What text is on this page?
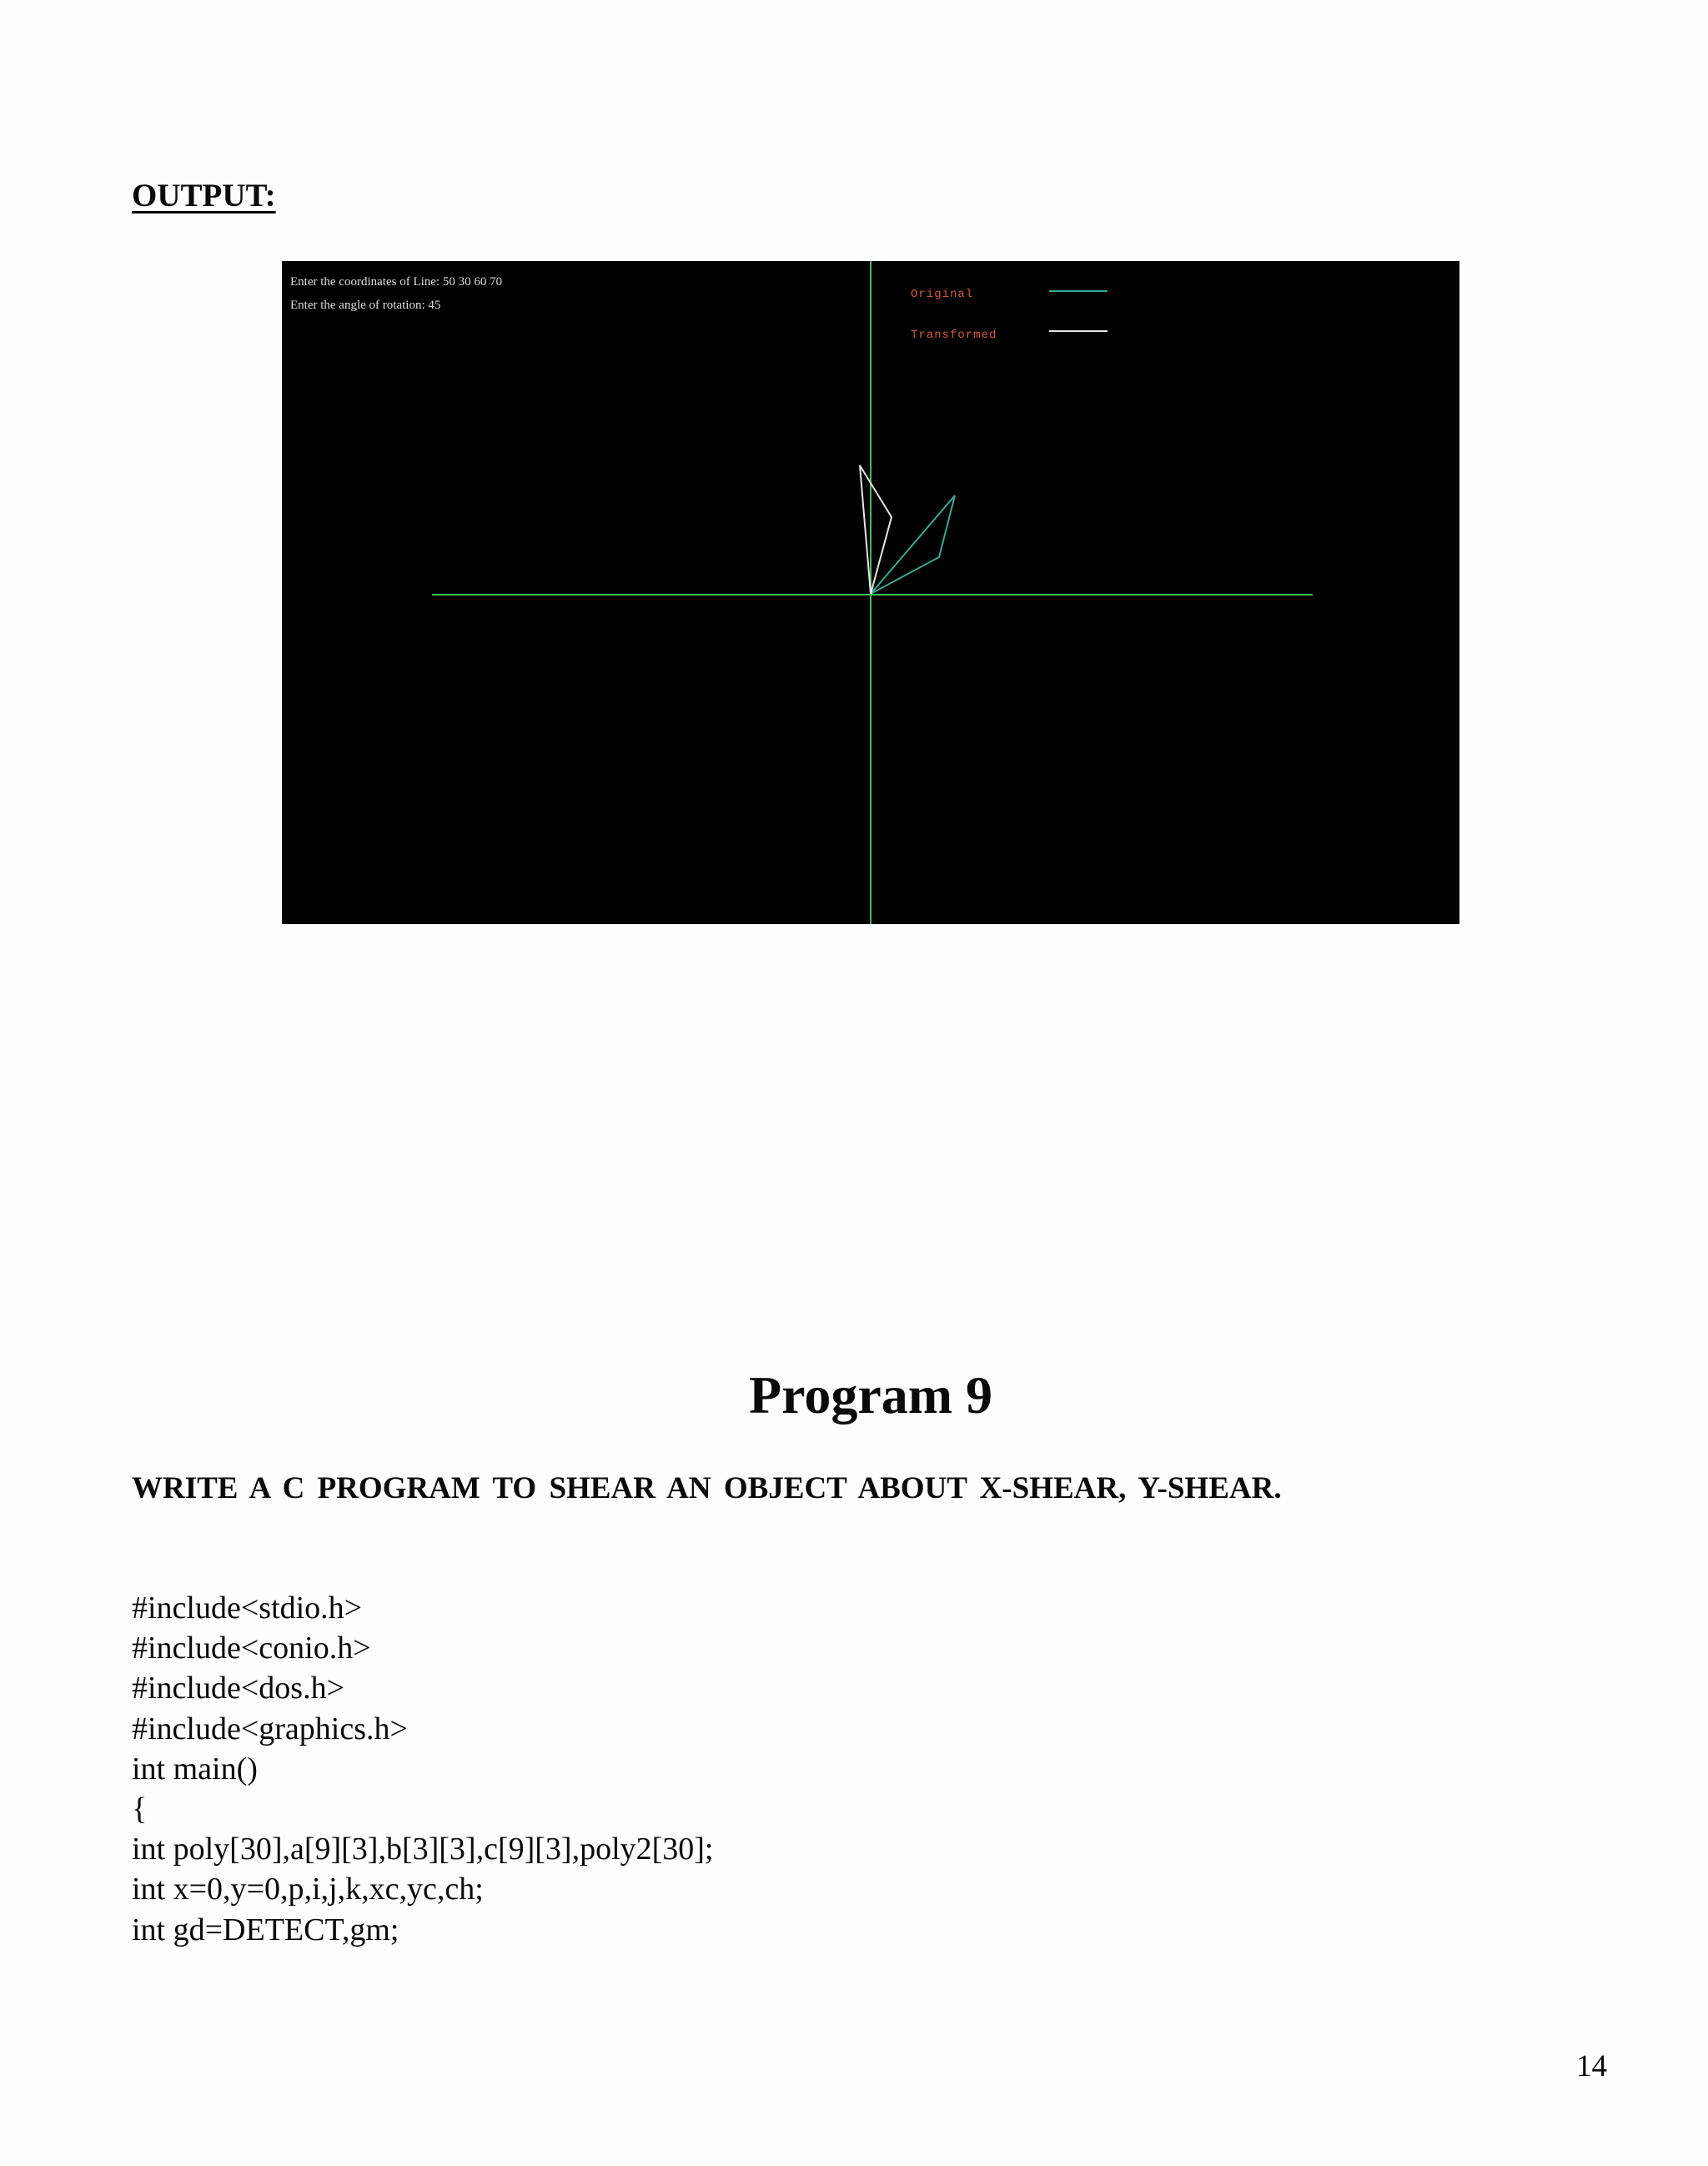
OUTPUT:
Enter the coordinates of Line: 50 30 60 70
Enter the angle of rotation: 45
Original
Transformed
Program 9

WRITE A C PROGRAM TO SHEAR AN OBJECT ABOUT X-SHEAR, Y-SHEAR.

#include<stdio.h>
#include<conio.h>
#include<dos.h>
#include<graphics.h>
int main()
{
int poly[30],a[9][3],b[3][3],c[9][3],poly2[30];
int x=0,y=0,p,i,j,k,xc,yc,ch;
int gd=DETECT,gm;
14
